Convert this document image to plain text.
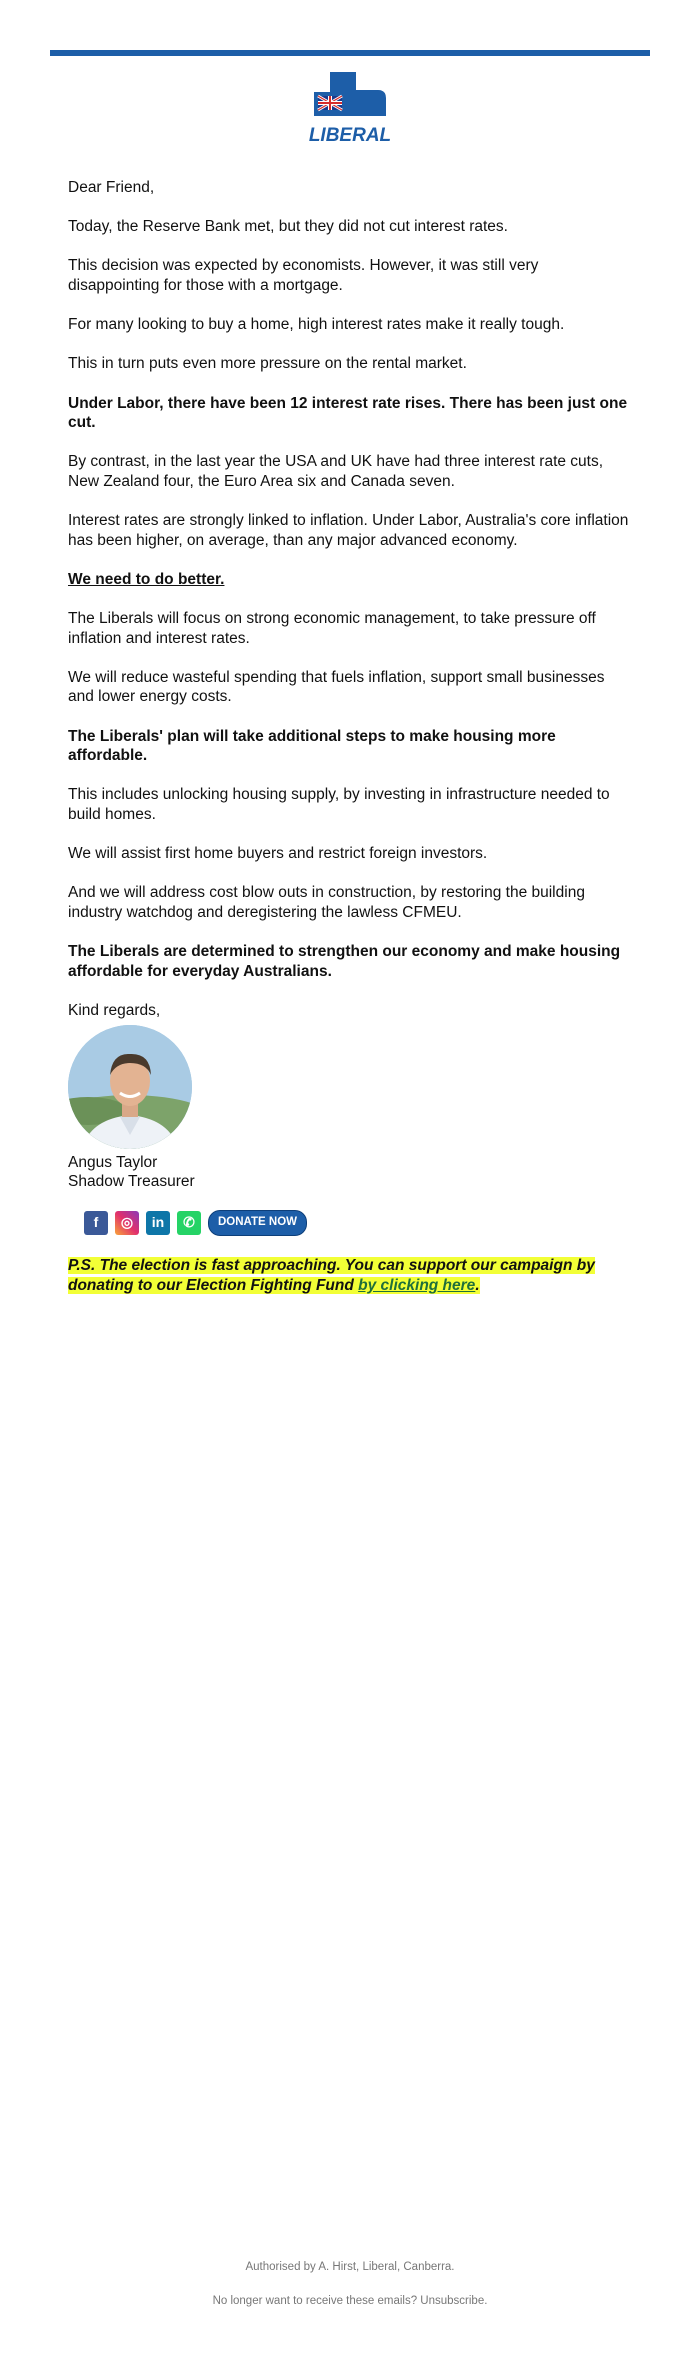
LIBERAL

Dear Friend,

Today, the Reserve Bank met, but they did not cut interest rates.

This decision was expected by economists. However, it was still very disappointing for those with a mortgage.

For many looking to buy a home, high interest rates make it really tough.

This in turn puts even more pressure on the rental market.

Under Labor, there have been 12 interest rate rises. There has been just one cut.

By contrast, in the last year the USA and UK have had three interest rate cuts, New Zealand four, the Euro Area six and Canada seven.

Interest rates are strongly linked to inflation. Under Labor, Australia's core inflation has been higher, on average, than any major advanced economy.

We need to do better.

The Liberals will focus on strong economic management, to take pressure off inflation and interest rates.

We will reduce wasteful spending that fuels inflation, support small businesses and lower energy costs.

The Liberals' plan will take additional steps to make housing more affordable.

This includes unlocking housing supply, by investing in infrastructure needed to build homes.

We will assist first home buyers and restrict foreign investors.

And we will address cost blow outs in construction, by restoring the building industry watchdog and deregistering the lawless CFMEU.

The Liberals are determined to strengthen our economy and make housing affordable for everyday Australians.

Kind regards,

Angus Taylor

Shadow Treasurer

f	◎	in	✆	DONATE NOW
P.S. The election is fast approaching. You can support our campaign by donating to our Election Fighting Fund by clicking here.
Authorised by A. Hirst, Liberal, Canberra.
No longer want to receive these emails? Unsubscribe.
